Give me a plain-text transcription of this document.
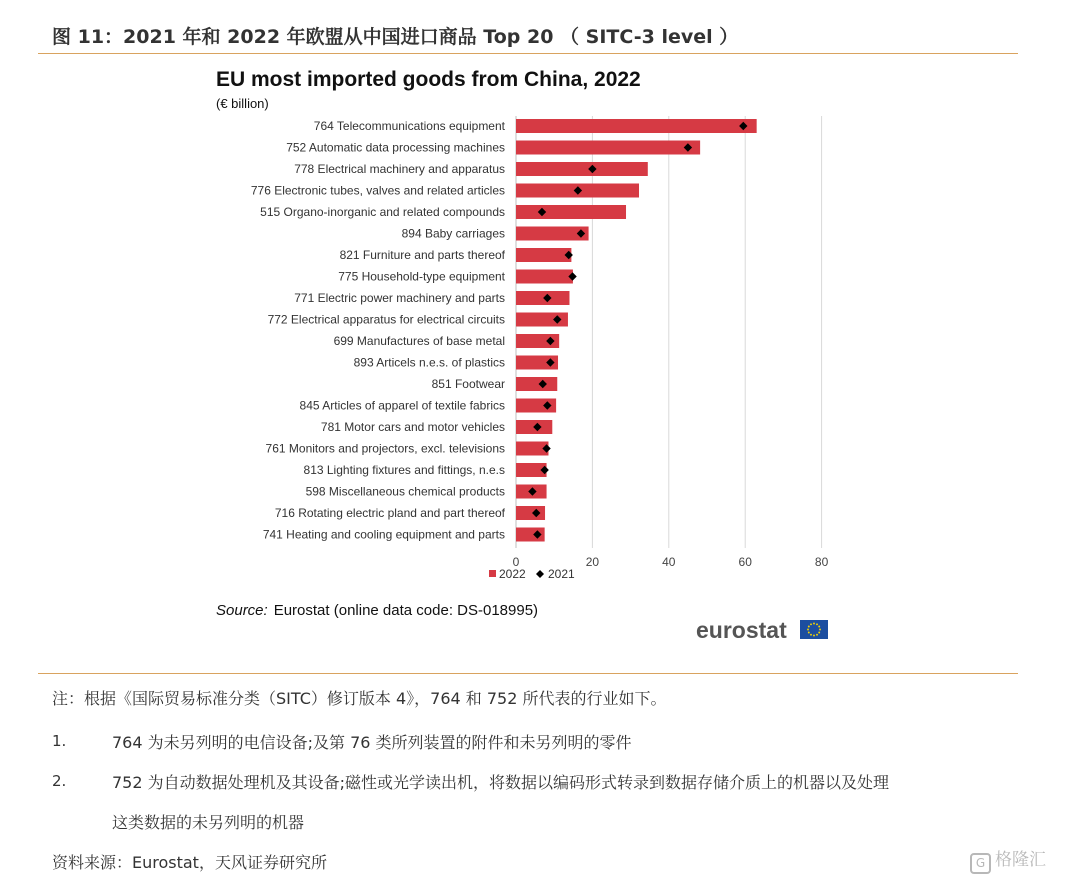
图 11：2021 年和 2022 年欧盟从中国进口商品 Top 20 （ SITC-3 level ）
764 Telecommunications equipment
752 Automatic data processing machines
778 Electrical machinery and apparatus
776 Electronic tubes, valves and related articles
515 Organo-inorganic and related compounds
894 Baby carriages
821 Furniture and parts thereof
775 Household-type equipment
771 Electric power machinery and parts
772 Electrical apparatus for electrical circuits
699 Manufactures of base metal
893 Articels n.e.s. of plastics
851 Footwear
845 Articles of apparel of textile fabrics
781 Motor cars and motor vehicles
761 Monitors and projectors, excl. televisions
813 Lighting fixtures and fittings, n.e.s
598 Miscellaneous chemical products
716 Rotating electric pland and part thereof
741 Heating and cooling equipment and parts
0	20	40	60	80
EU most imported goods from China, 2022
(€ billion)
2022 2021
Source: Eurostat (online data code: DS-018995)
eurostat
注：根据《国际贸易标准分类（SITC）修订版本 4》，764 和 752 所代表的行业如下。
1.	764 为未另列明的电信设备;及第 76 类所列装置的附件和未另列明的零件
2.	752 为自动数据处理机及其设备;磁性或光学读出机，将数据以编码形式转录到数据存储介质上的机器以及处理
这类数据的未另列明的机器
资料来源：Eurostat，天风证券研究所	G 格隆汇
